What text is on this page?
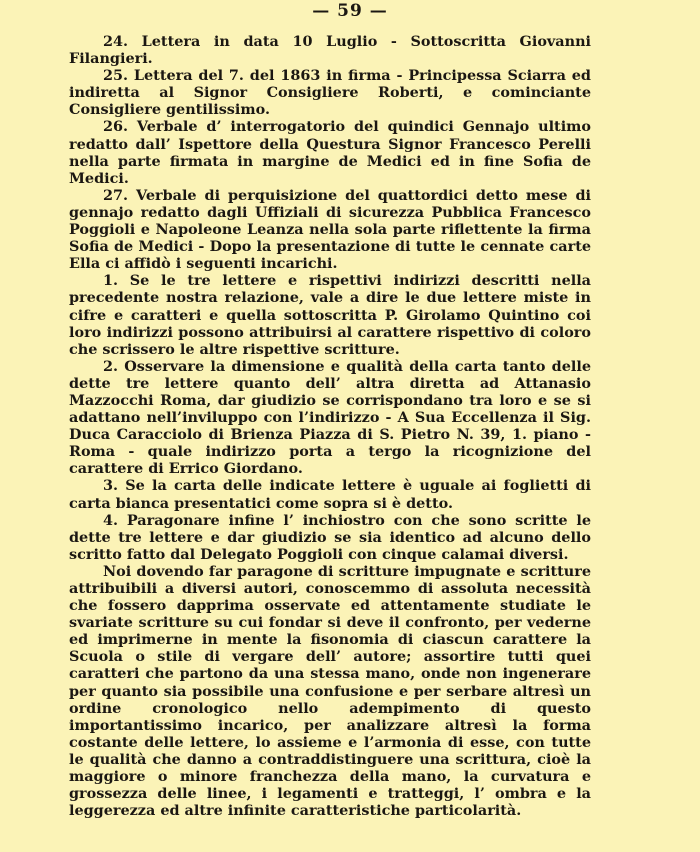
— 59 —

24. Lettera in data 10 Luglio - Sottoscritta Giovanni Filangieri.

25. Lettera del 7. del 1863 in firma - Principessa Sciarra ed indiretta al Signor Consigliere Roberti, e cominciante Consigliere gentilissimo.

26. Verbale d’ interrogatorio del quindici Gennajo ultimo redatto dall’ Ispettore della Questura Signor Francesco Perelli nella parte firmata in margine de Medici ed in fine Sofia de Medici.

27. Verbale di perquisizione del quattordici detto mese di gennajo redatto dagli Uffiziali di sicurezza Pubblica Francesco Poggioli e Napoleone Leanza nella sola parte riflettente la firma Sofia de Medici - Dopo la presentazione di tutte le cennate carte Ella ci affidò i seguenti incarichi.

1. Se le tre lettere e rispettivi indirizzi descritti nella precedente nostra relazione, vale a dire le due lettere miste in cifre e caratteri e quella sottoscritta P. Girolamo Quintino coi loro indirizzi possono attribuirsi al carattere rispettivo di coloro che scrissero le altre rispettive scritture.

2. Osservare la dimensione e qualità della carta tanto delle dette tre lettere quanto dell’ altra diretta ad Attanasio Mazzocchi Roma, dar giudizio se corrispondano tra loro e se si adattano nell’inviluppo con l’indirizzo - A Sua Eccellenza il Sig. Duca Caracciolo di Brienza Piazza di S. Pietro N. 39, 1. piano - Roma - quale indirizzo porta a tergo la ricognizione del carattere di Errico Giordano.

3. Se la carta delle indicate lettere è uguale ai foglietti di carta bianca presentatici come sopra si è detto.

4. Paragonare infine l’ inchiostro con che sono scritte le dette tre lettere e dar giudizio se sia identico ad alcuno dello scritto fatto dal Delegato Poggioli con cinque calamai diversi.

Noi dovendo far paragone di scritture impugnate e scritture attribuibili a diversi autori, conoscemmo di assoluta necessità che fossero dapprima osservate ed attentamente studiate le svariate scritture su cui fondar si deve il confronto, per vederne ed imprimerne in mente la fisonomia di ciascun carattere la Scuola o stile di vergare dell’ autore; assortire tutti quei caratteri che partono da una stessa mano, onde non ingenerare per quanto sia possibile una confusione e per serbare altresì un ordine cronologico nello adempimento di questo importantissimo incarico, per analizzare altresì la forma costante delle lettere, lo assieme e l’armonia di esse, con tutte le qualità che danno a contraddistinguere una scrittura, cioè la maggiore o minore franchezza della mano, la curvatura e grossezza delle linee, i legamenti e tratteggi, l’ ombra e la leggerezza ed altre infinite caratteristiche particolarità.
